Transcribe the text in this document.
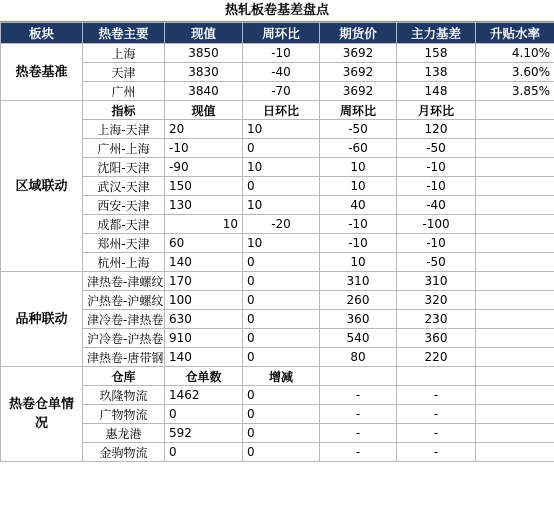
热轧板卷基差盘点
板块	热卷主要	现值	周环比	期货价	主力基差	升贴水率
热卷基准	上海	3850	-10	3692	158	4.10%
	天津	3830	-40	3692	138	3.60%
	广州	3840	-70	3692	148	3.85%
区域联动	指标	现值	日环比	周环比	月环比	
	上海-天津	20	10	-50	120	
	广州-上海	-10	0	-60	-50	
	沈阳-天津	-90	10	10	-10	
	武汉-天津	150	0	10	-10	
	西安-天津	130	10	40	-40	
	成都-天津	10	-20	-10	-100	
	郑州-天津	60	10	-10	-10	
	杭州-上海	140	0	10	-50	
品种联动	津热卷-津螺纹	170	0	310	310	
	沪热卷-沪螺纹	100	0	260	320	
	津冷卷-津热卷	630	0	360	230	
	沪冷卷-沪热卷	910	0	540	360	
	津热卷-唐带钢	140	0	80	220	
热卷仓单情况	仓库	仓单数	增减			
	玖隆物流	1462	0	-	-	
	广物物流	0	0	-	-	
	惠龙港	592	0	-	-	
	金驹物流	0	0	-	-	
